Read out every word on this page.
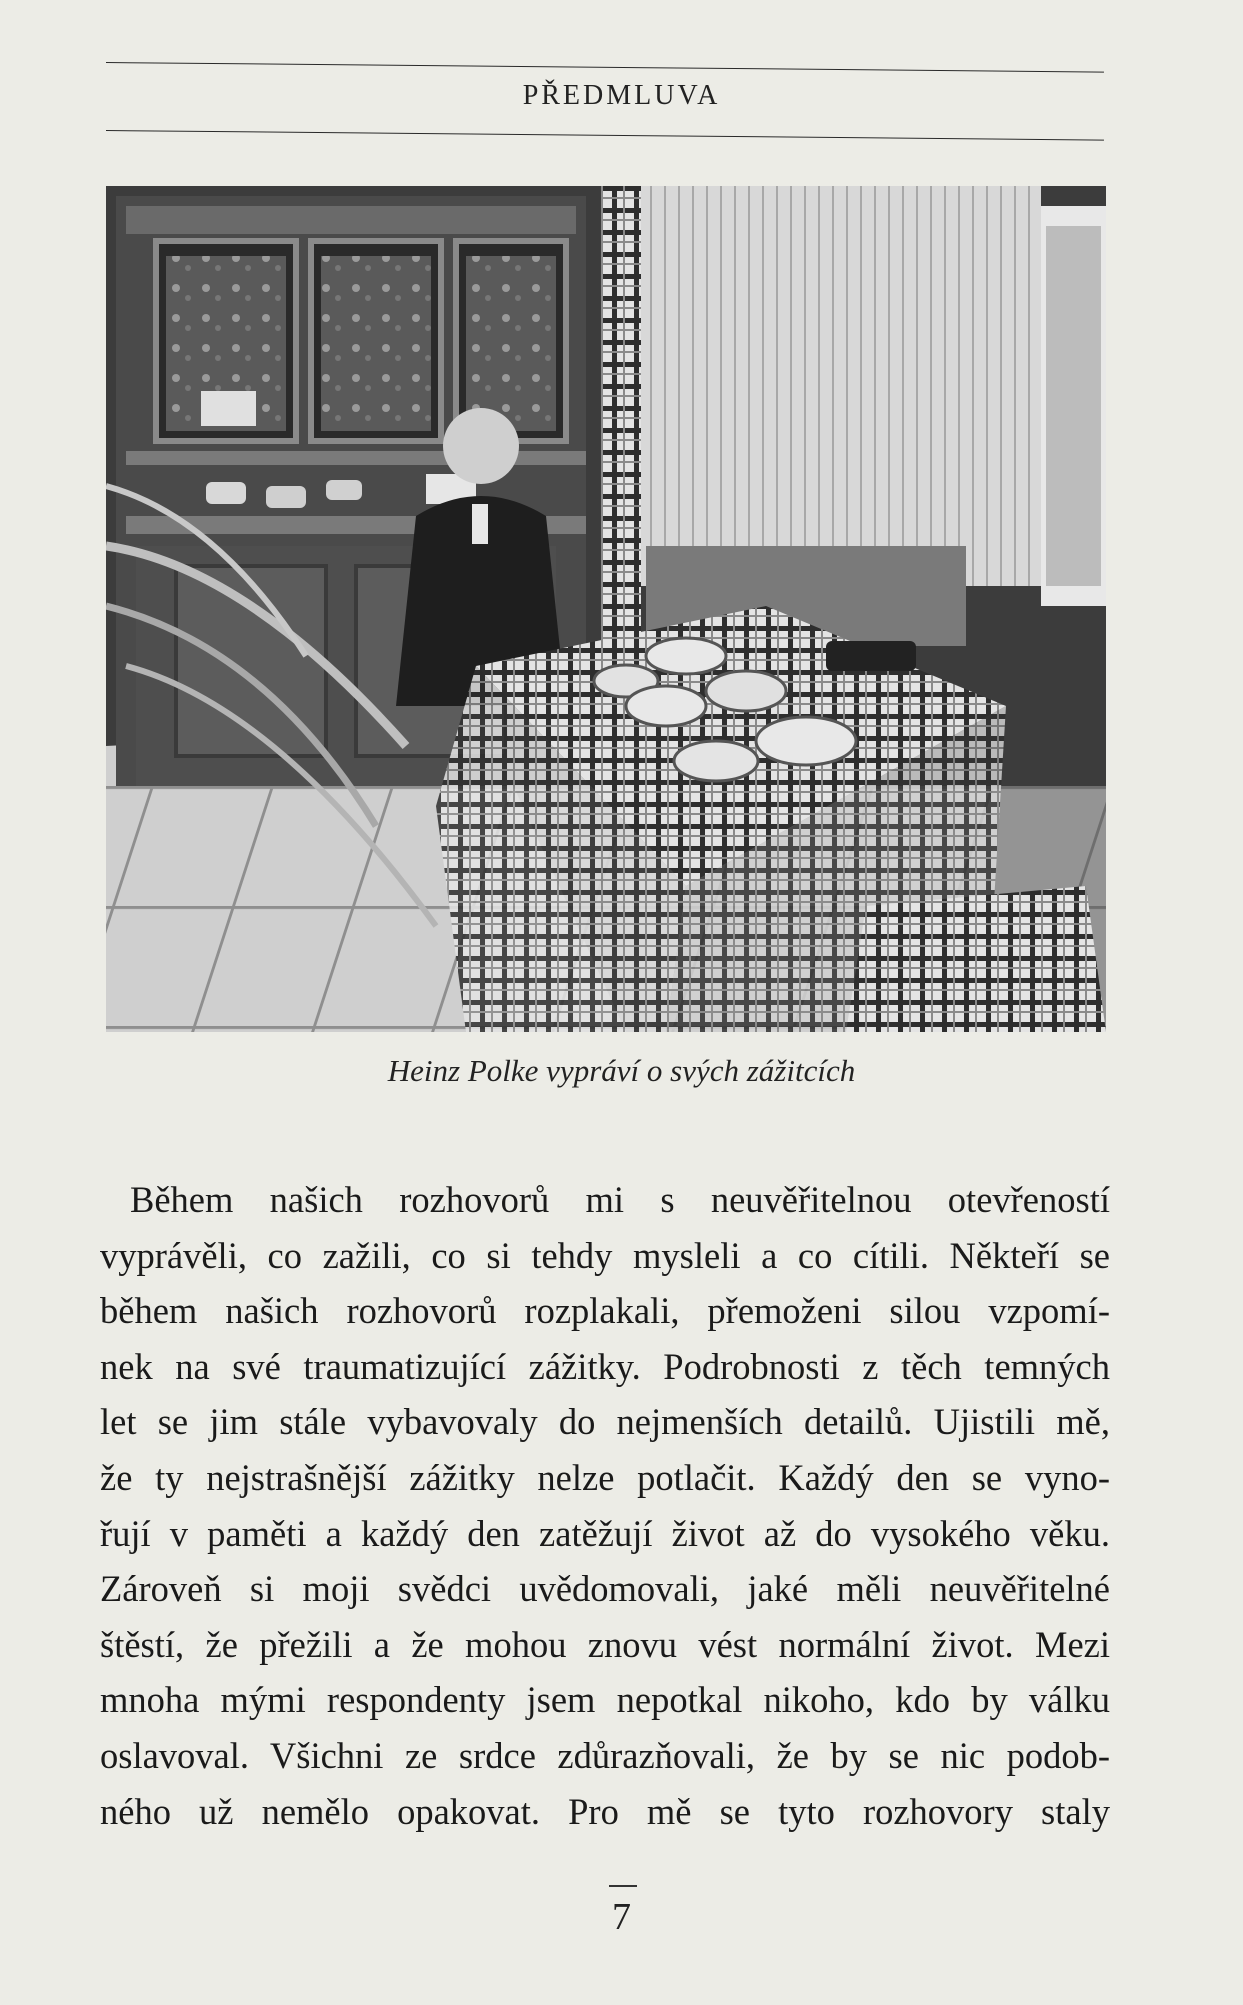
PŘEDMLUVA
Heinz Polke vypráví o svých zážitcích
Během našich rozhovorů mi s neuvěřitelnou otevřeností
vyprávěli, co zažili, co si tehdy mysleli a co cítili. Někteří se
během našich rozhovorů rozplakali, přemoženi silou vzpomí-
nek na své traumatizující zážitky. Podrobnosti z těch temných
let se jim stále vybavovaly do nejmenších detailů. Ujistili mě,
že ty nejstrašnější zážitky nelze potlačit. Každý den se vyno-
řují v paměti a každý den zatěžují život až do vysokého věku.
Zároveň si moji svědci uvědomovali, jaké měli neuvěřitelné
štěstí, že přežili a že mohou znovu vést normální život. Mezi
mnoha mými respondenty jsem nepotkal nikoho, kdo by válku
oslavoval. Všichni ze srdce zdůrazňovali, že by se nic podob-
ného už nemělo opakovat. Pro mě se tyto rozhovory staly
7
